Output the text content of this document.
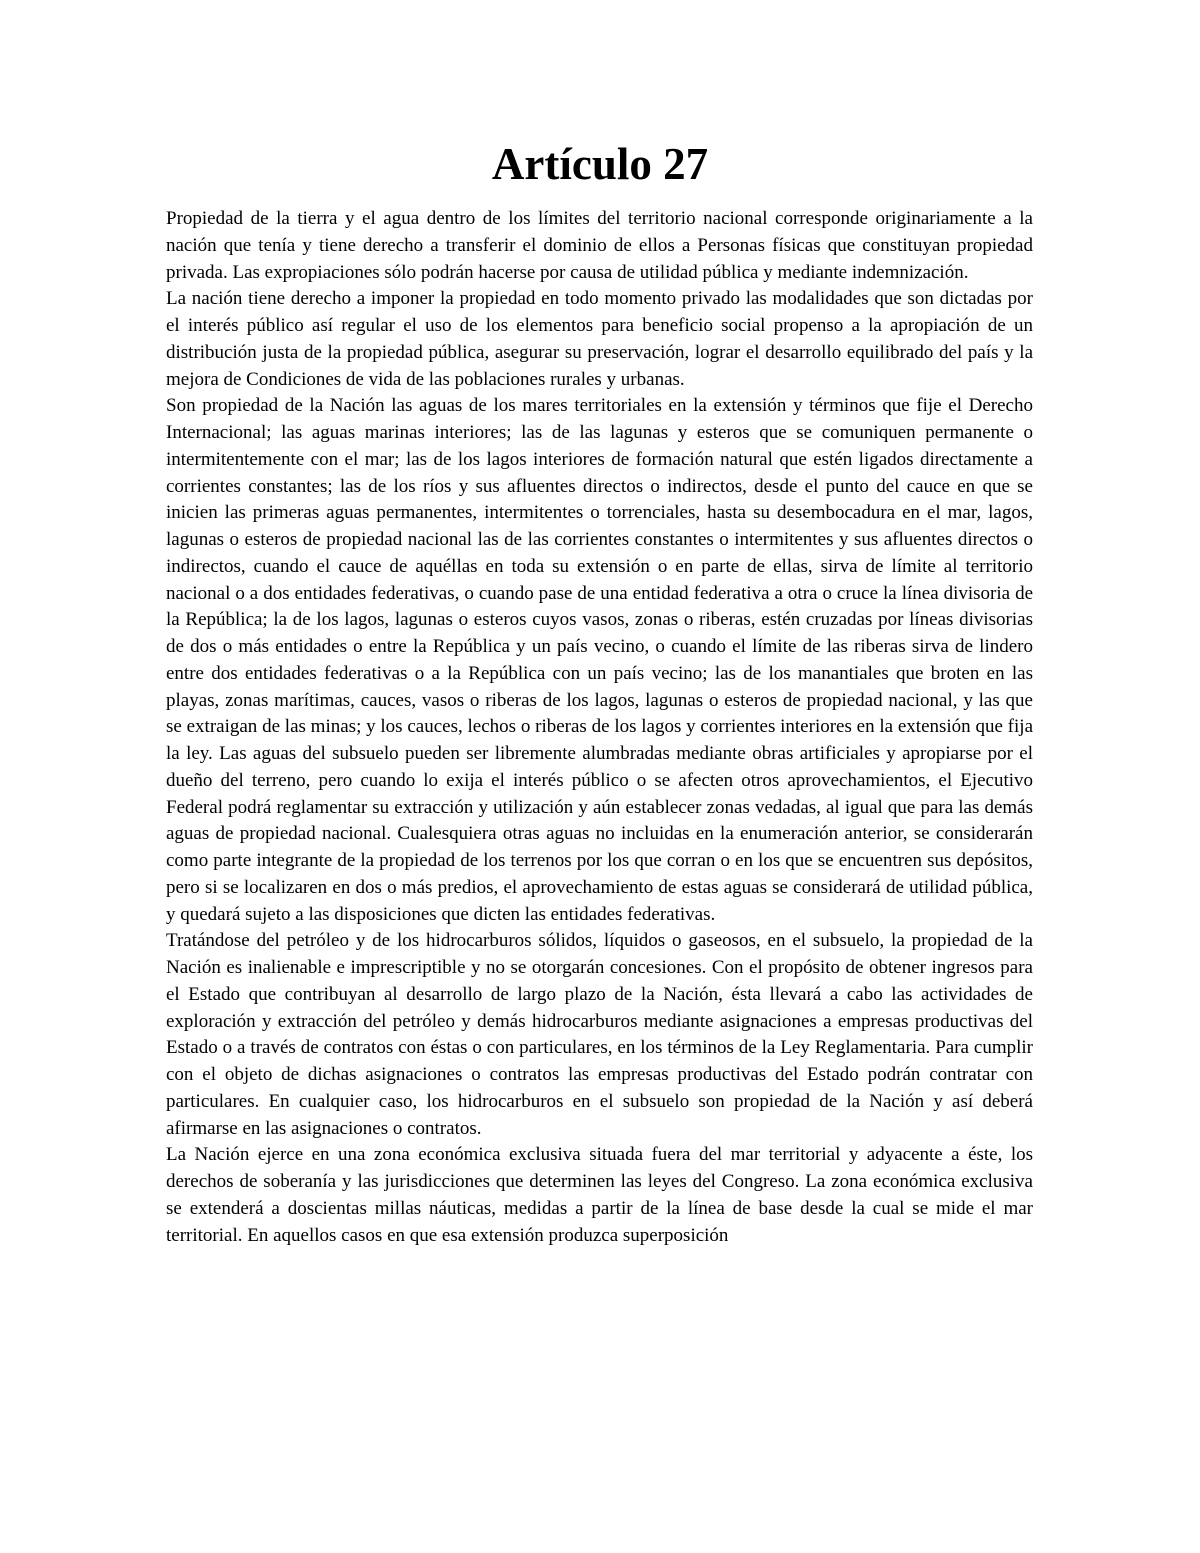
Artículo 27

Propiedad de la tierra y el agua dentro de los límites del territorio nacional corresponde originariamente a la nación que tenía y tiene derecho a transferir el dominio de ellos a Personas físicas que constituyan propiedad privada. Las expropiaciones sólo podrán hacerse por causa de utilidad pública y mediante indemnización.

La nación tiene derecho a imponer la propiedad en todo momento privado las modalidades que son dictadas por el interés público así regular el uso de los elementos para beneficio social propenso a la apropiación de un distribución justa de la propiedad pública, asegurar su preservación, lograr el desarrollo equilibrado del país y la mejora de Condiciones de vida de las poblaciones rurales y urbanas.

Son propiedad de la Nación las aguas de los mares territoriales en la extensión y términos que fije el Derecho Internacional; las aguas marinas interiores; las de las lagunas y esteros que se comuniquen permanente o intermitentemente con el mar; las de los lagos interiores de formación natural que estén ligados directamente a corrientes constantes; las de los ríos y sus afluentes directos o indirectos, desde el punto del cauce en que se inicien las primeras aguas permanentes, intermitentes o torrenciales, hasta su desembocadura en el mar, lagos, lagunas o esteros de propiedad nacional las de las corrientes constantes o intermitentes y sus afluentes directos o indirectos, cuando el cauce de aquéllas en toda su extensión o en parte de ellas, sirva de límite al territorio nacional o a dos entidades federativas, o cuando pase de una entidad federativa a otra o cruce la línea divisoria de la República; la de los lagos, lagunas o esteros cuyos vasos, zonas o riberas, estén cruzadas por líneas divisorias de dos o más entidades o entre la República y un país vecino, o cuando el límite de las riberas sirva de lindero entre dos entidades federativas o a la República con un país vecino; las de los manantiales que broten en las playas, zonas marítimas, cauces, vasos o riberas de los lagos, lagunas o esteros de propiedad nacional, y las que se extraigan de las minas; y los cauces, lechos o riberas de los lagos y corrientes interiores en la extensión que fija la ley. Las aguas del subsuelo pueden ser libremente alumbradas mediante obras artificiales y apropiarse por el dueño del terreno, pero cuando lo exija el interés público o se afecten otros aprovechamientos, el Ejecutivo Federal podrá reglamentar su extracción y utilización y aún establecer zonas vedadas, al igual que para las demás aguas de propiedad nacional. Cualesquiera otras aguas no incluidas en la enumeración anterior, se considerarán como parte integrante de la propiedad de los terrenos por los que corran o en los que se encuentren sus depósitos, pero si se localizaren en dos o más predios, el aprovechamiento de estas aguas se considerará de utilidad pública, y quedará sujeto a las disposiciones que dicten las entidades federativas.

Tratándose del petróleo y de los hidrocarburos sólidos, líquidos o gaseosos, en el subsuelo, la propiedad de la Nación es inalienable e imprescriptible y no se otorgarán concesiones. Con el propósito de obtener ingresos para el Estado que contribuyan al desarrollo de largo plazo de la Nación, ésta llevará a cabo las actividades de exploración y extracción del petróleo y demás hidrocarburos mediante asignaciones a empresas productivas del Estado o a través de contratos con éstas o con particulares, en los términos de la Ley Reglamentaria. Para cumplir con el objeto de dichas asignaciones o contratos las empresas productivas del Estado podrán contratar con particulares. En cualquier caso, los hidrocarburos en el subsuelo son propiedad de la Nación y así deberá afirmarse en las asignaciones o contratos.

La Nación ejerce en una zona económica exclusiva situada fuera del mar territorial y adyacente a éste, los derechos de soberanía y las jurisdicciones que determinen las leyes del Congreso. La zona económica exclusiva se extenderá a doscientas millas náuticas, medidas a partir de la línea de base desde la cual se mide el mar territorial. En aquellos casos en que esa extensión produzca superposición
